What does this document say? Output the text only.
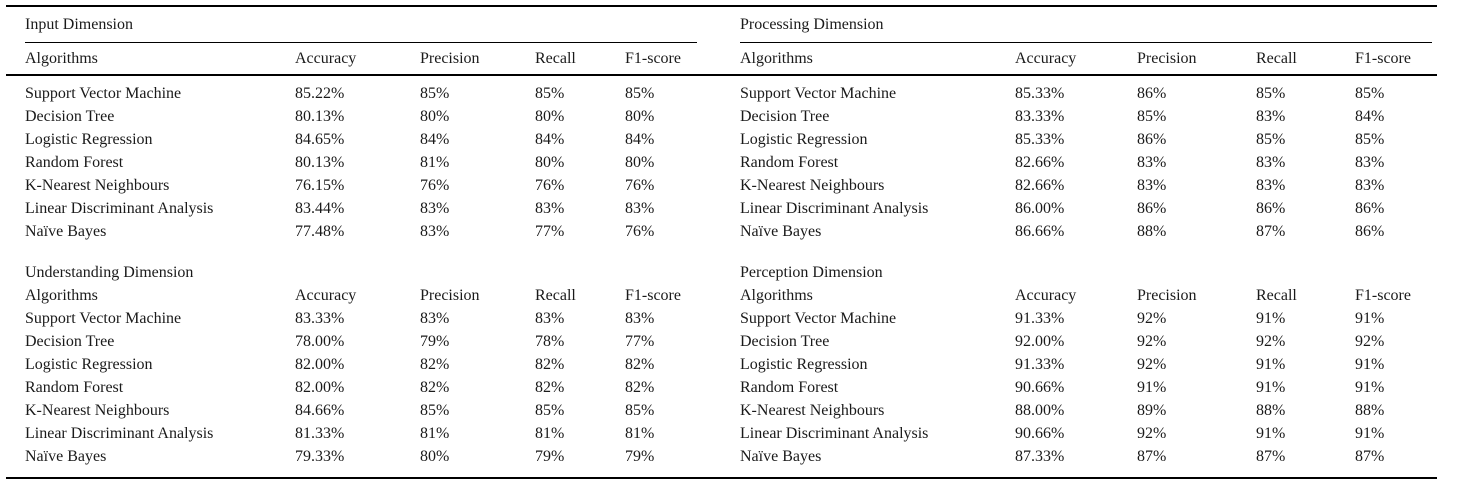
Input Dimension
Algorithms	Accuracy	Precision	Recall	F1-score
Support Vector Machine	85.22%	85%	85%	85%
Decision Tree	80.13%	80%	80%	80%
Logistic Regression	84.65%	84%	84%	84%
Random Forest	80.13%	81%	80%	80%
K-Nearest Neighbours	76.15%	76%	76%	76%
Linear Discriminant Analysis	83.44%	83%	83%	83%
Naïve Bayes	77.48%	83%	77%	76%
Understanding Dimension
Algorithms	Accuracy	Precision	Recall	F1-score
Support Vector Machine	83.33%	83%	83%	83%
Decision Tree	78.00%	79%	78%	77%
Logistic Regression	82.00%	82%	82%	82%
Random Forest	82.00%	82%	82%	82%
K-Nearest Neighbours	84.66%	85%	85%	85%
Linear Discriminant Analysis	81.33%	81%	81%	81%
Naïve Bayes	79.33%	80%	79%	79%
Processing Dimension
Algorithms	Accuracy	Precision	Recall	F1-score
Support Vector Machine	85.33%	86%	85%	85%
Decision Tree	83.33%	85%	83%	84%
Logistic Regression	85.33%	86%	85%	85%
Random Forest	82.66%	83%	83%	83%
K-Nearest Neighbours	82.66%	83%	83%	83%
Linear Discriminant Analysis	86.00%	86%	86%	86%
Naïve Bayes	86.66%	88%	87%	86%
Perception Dimension
Algorithms	Accuracy	Precision	Recall	F1-score
Support Vector Machine	91.33%	92%	91%	91%
Decision Tree	92.00%	92%	92%	92%
Logistic Regression	91.33%	92%	91%	91%
Random Forest	90.66%	91%	91%	91%
K-Nearest Neighbours	88.00%	89%	88%	88%
Linear Discriminant Analysis	90.66%	92%	91%	91%
Naïve Bayes	87.33%	87%	87%	87%
